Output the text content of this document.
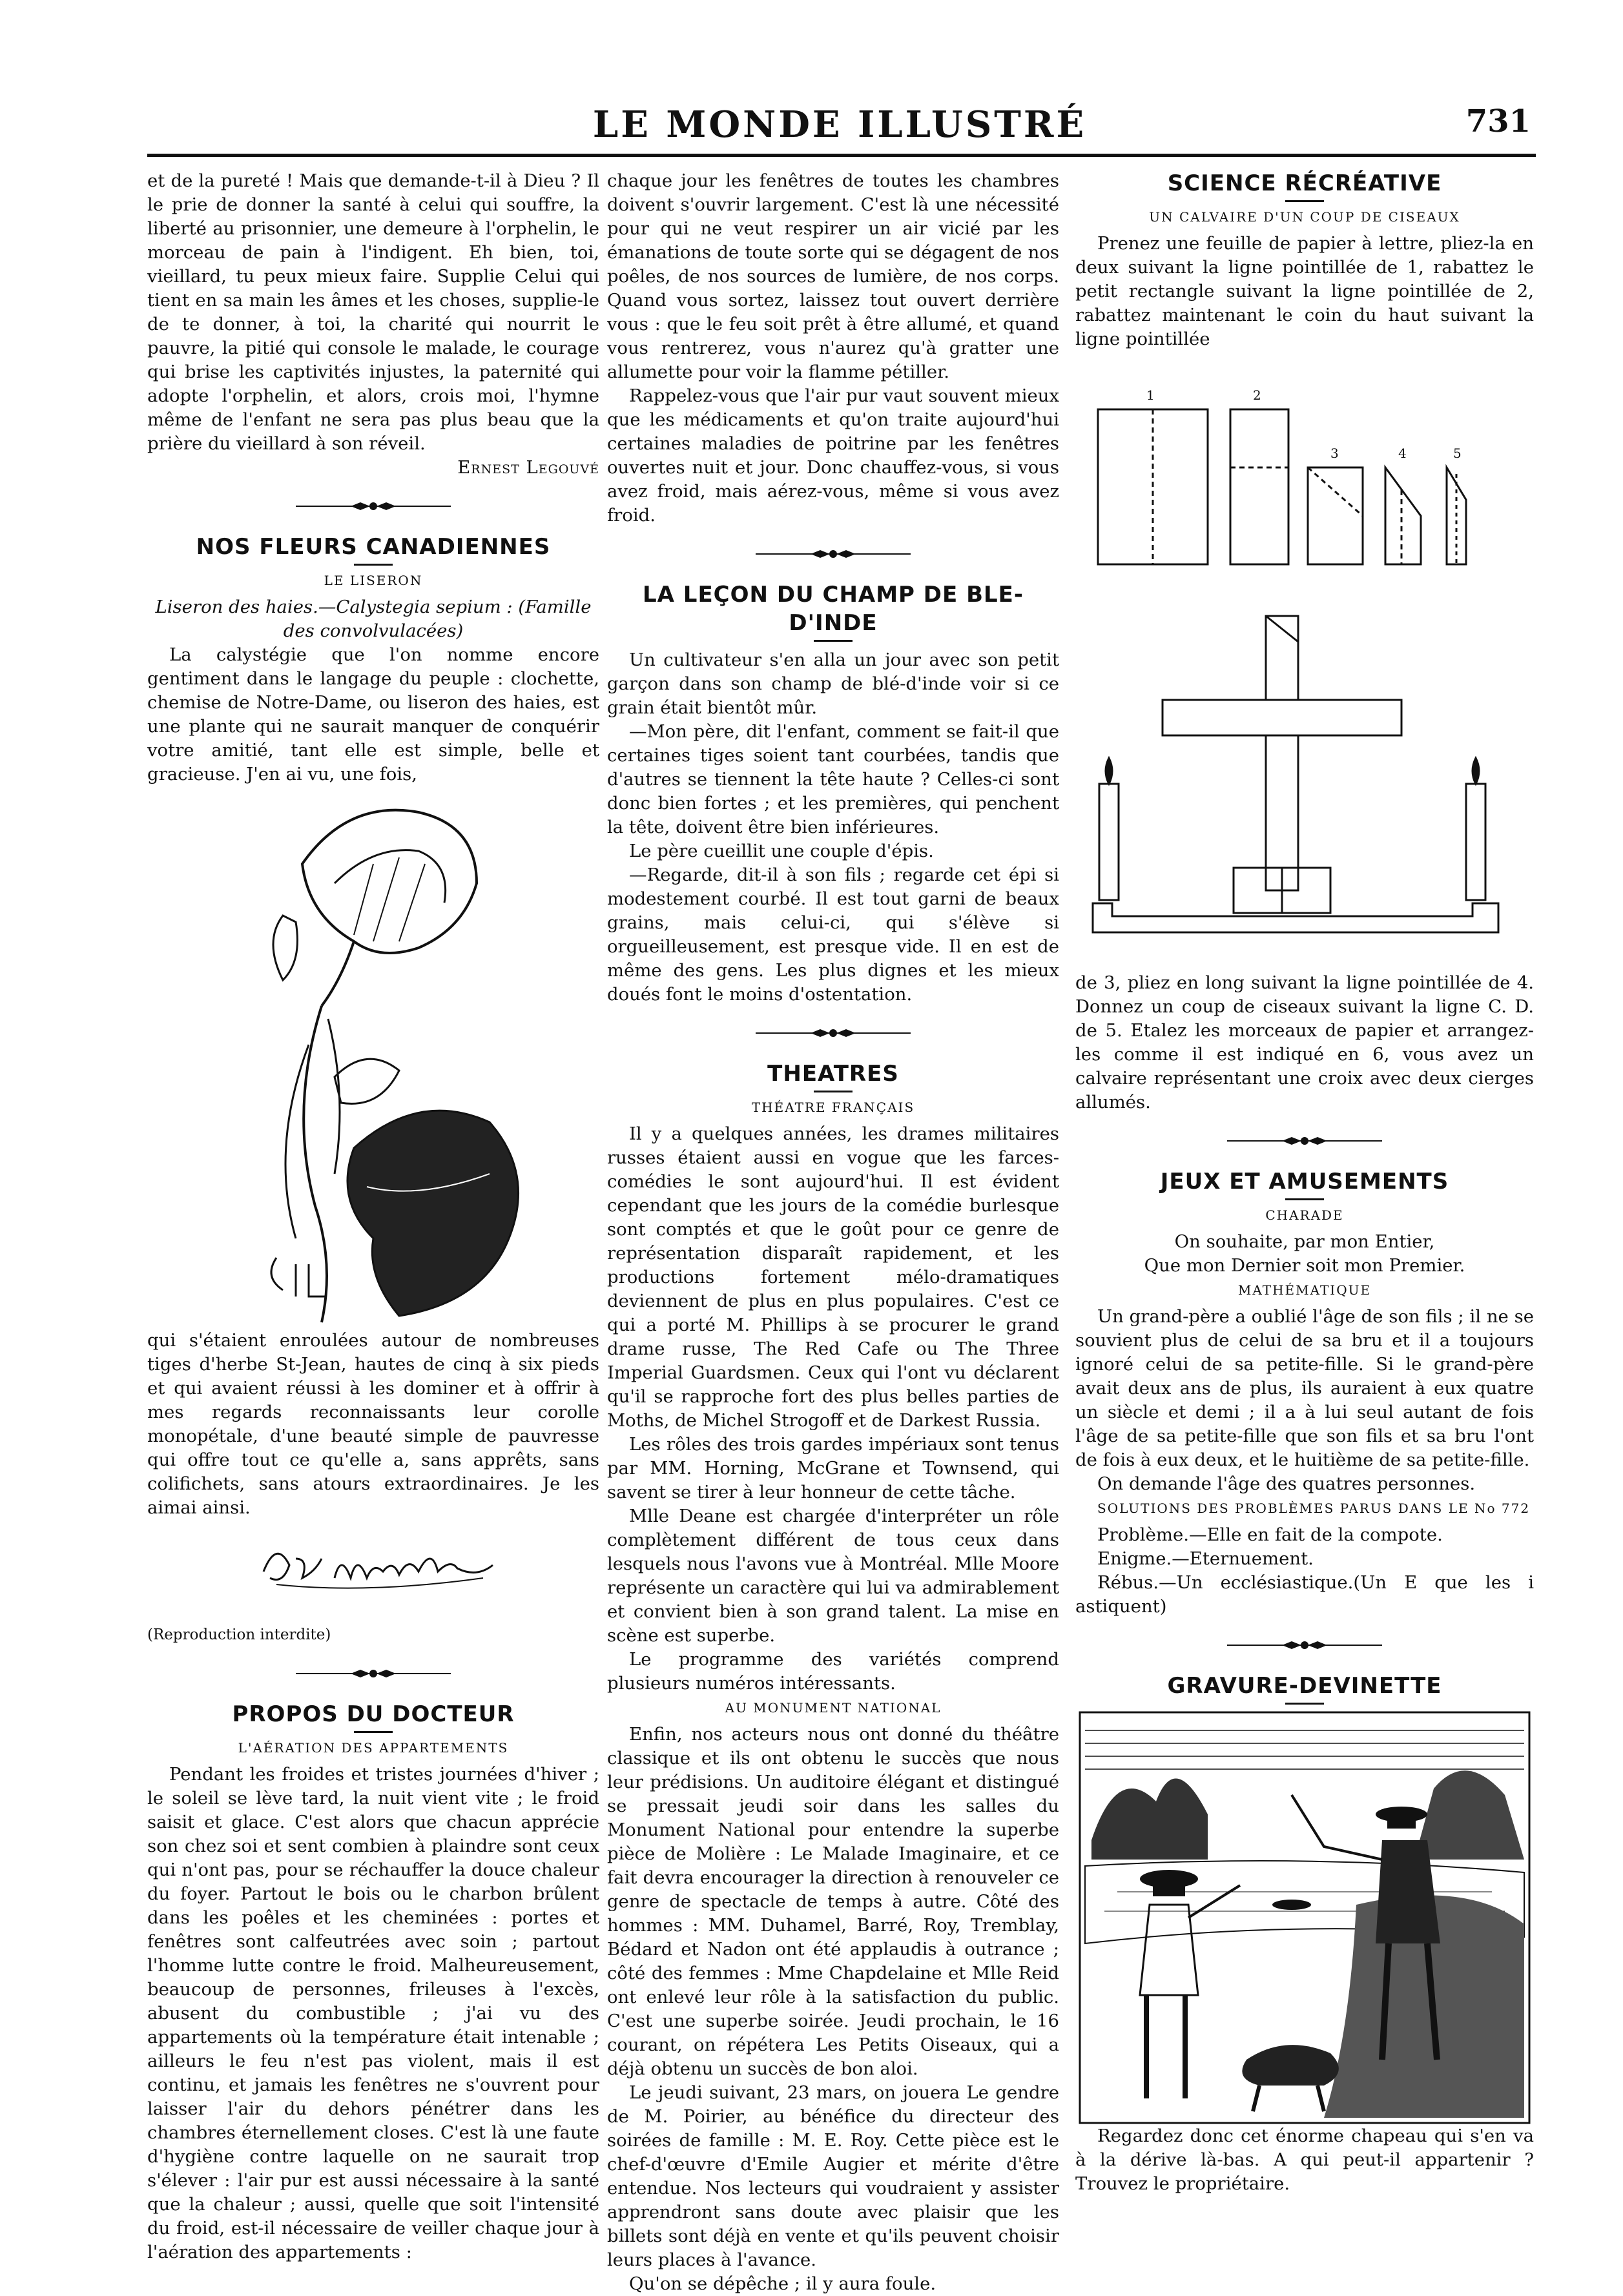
LE MONDE ILLUSTRÉ	731

et de la pureté ! Mais que demande-t-il à Dieu ? Il le prie de donner la santé à celui qui souffre, la liberté au prisonnier, une demeure à l'orphelin, le morceau de pain à l'indigent. Eh bien, toi, vieillard, tu peux mieux faire. Supplie Celui qui tient en sa main les âmes et les choses, supplie-le de te donner, à toi, la charité qui nourrit le pauvre, la pitié qui console le malade, le courage qui brise les captivités injustes, la paternité qui adopte l'orphelin, et alors, crois moi, l'hymne même de l'enfant ne sera pas plus beau que la prière du vieillard à son réveil.

Ernest Legouvé

NOS FLEURS CANADIENNES
LE LISERON

Liseron des haies.—Calystegia sepium : (Famille des convolvulacées)

La calystégie que l'on nomme encore gentiment dans le langage du peuple : clochette, chemise de Notre-Dame, ou liseron des haies, est une plante qui ne saurait manquer de conquérir votre amitié, tant elle est simple, belle et gracieuse. J'en ai vu, une fois,

qui s'étaient enroulées autour de nombreuses tiges d'herbe St-Jean, hautes de cinq à six pieds et qui avaient réussi à les dominer et à offrir à mes regards reconnaissants leur corolle monopétale, d'une beauté simple de pauvresse qui offre tout ce qu'elle a, sans apprêts, sans colifichets, sans atours extraordinaires. Je les aimai ainsi.

(Reproduction interdite)

PROPOS DU DOCTEUR
L'AÉRATION DES APPARTEMENTS

Pendant les froides et tristes journées d'hiver ; le soleil se lève tard, la nuit vient vite ; le froid saisit et glace. C'est alors que chacun apprécie son chez soi et sent combien à plaindre sont ceux qui n'ont pas, pour se réchauffer la douce chaleur du foyer. Partout le bois ou le charbon brûlent dans les poêles et les cheminées : portes et fenêtres sont calfeutrées avec soin ; partout l'homme lutte contre le froid. Malheureusement, beaucoup de personnes, frileuses à l'excès, abusent du combustible ; j'ai vu des appartements où la température était intenable ; ailleurs le feu n'est pas violent, mais il est continu, et jamais les fenêtres ne s'ouvrent pour laisser l'air du dehors pénétrer dans les chambres éternellement closes. C'est là une faute d'hygiène contre laquelle on ne saurait trop s'élever : l'air pur est aussi nécessaire à la santé que la chaleur ; aussi, quelle que soit l'intensité du froid, est-il nécessaire de veiller chaque jour à l'aération des appartements :

chaque jour les fenêtres de toutes les chambres doivent s'ouvrir largement. C'est là une nécessité pour qui ne veut respirer un air vicié par les émanations de toute sorte qui se dégagent de nos poêles, de nos sources de lumière, de nos corps. Quand vous sortez, laissez tout ouvert derrière vous : que le feu soit prêt à être allumé, et quand vous rentrerez, vous n'aurez qu'à gratter une allumette pour voir la flamme pétiller.

Rappelez-vous que l'air pur vaut souvent mieux que les médicaments et qu'on traite aujourd'hui certaines maladies de poitrine par les fenêtres ouvertes nuit et jour. Donc chauffez-vous, si vous avez froid, mais aérez-vous, même si vous avez froid.

LA LEÇON DU CHAMP DE BLE-D'INDE

Un cultivateur s'en alla un jour avec son petit garçon dans son champ de blé-d'inde voir si ce grain était bientôt mûr.

—Mon père, dit l'enfant, comment se fait-il que certaines tiges soient tant courbées, tandis que d'autres se tiennent la tête haute ? Celles-ci sont donc bien fortes ; et les premières, qui penchent la tête, doivent être bien inférieures.

Le père cueillit une couple d'épis.

—Regarde, dit-il à son fils ; regarde cet épi si modestement courbé. Il est tout garni de beaux grains, mais celui-ci, qui s'élève si orgueilleusement, est presque vide. Il en est de même des gens. Les plus dignes et les mieux doués font le moins d'ostentation.

THEATRES
THÉATRE FRANÇAIS

Il y a quelques années, les drames militaires russes étaient aussi en vogue que les farces-comédies le sont aujourd'hui. Il est évident cependant que les jours de la comédie burlesque sont comptés et que le goût pour ce genre de représentation disparaît rapidement, et les productions fortement mélo-dramatiques deviennent de plus en plus populaires. C'est ce qui a porté M. Phillips à se procurer le grand drame russe, The Red Cafe ou The Three Imperial Guardsmen. Ceux qui l'ont vu déclarent qu'il se rapproche fort des plus belles parties de Moths, de Michel Strogoff et de Darkest Russia.

Les rôles des trois gardes impériaux sont tenus par MM. Horning, McGrane et Townsend, qui savent se tirer à leur honneur de cette tâche.

Mlle Deane est chargée d'interpréter un rôle complètement différent de tous ceux dans lesquels nous l'avons vue à Montréal. Mlle Moore représente un caractère qui lui va admirablement et convient bien à son grand talent. La mise en scène est superbe.

Le programme des variétés comprend plusieurs numéros intéressants.

AU MONUMENT NATIONAL

Enfin, nos acteurs nous ont donné du théâtre classique et ils ont obtenu le succès que nous leur prédisions. Un auditoire élégant et distingué se pressait jeudi soir dans les salles du Monument National pour entendre la superbe pièce de Molière : Le Malade Imaginaire, et ce fait devra encourager la direction à renouveler ce genre de spectacle de temps à autre. Côté des hommes : MM. Duhamel, Barré, Roy, Tremblay, Bédard et Nadon ont été applaudis à outrance ; côté des femmes : Mme Chapdelaine et Mlle Reid ont enlevé leur rôle à la satisfaction du public. C'est une superbe soirée. Jeudi prochain, le 16 courant, on répétera Les Petits Oiseaux, qui a déjà obtenu un succès de bon aloi.

Le jeudi suivant, 23 mars, on jouera Le gendre de M. Poirier, au bénéfice du directeur des soirées de famille : M. E. Roy. Cette pièce est le chef-d'œuvre d'Emile Augier et mérite d'être entendue. Nos lecteurs qui voudraient y assister apprendront sans doute avec plaisir que les billets sont déjà en vente et qu'ils peuvent choisir leurs places à l'avance.

Qu'on se dépêche ; il y aura foule.

SCIENCE RÉCRÉATIVE
UN CALVAIRE D'UN COUP DE CISEAUX

Prenez une feuille de papier à lettre, pliez-la en deux suivant la ligne pointillée de 1, rabattez le petit rectangle suivant la ligne pointillée de 2, rabattez maintenant le coin du haut suivant la ligne pointillée

1	2
3	4	5

de 3, pliez en long suivant la ligne pointillée de 4. Donnez un coup de ciseaux suivant la ligne C. D. de 5. Etalez les morceaux de papier et arrangez-les comme il est indiqué en 6, vous avez un calvaire représentant une croix avec deux cierges allumés.

JEUX ET AMUSEMENTS
CHARADE

On souhaite, par mon Entier,

Que mon Dernier soit mon Premier.

MATHÉMATIQUE

Un grand-père a oublié l'âge de son fils ; il ne se souvient plus de celui de sa bru et il a toujours ignoré celui de sa petite-fille. Si le grand-père avait deux ans de plus, ils auraient à eux quatre un siècle et demi ; il a à lui seul autant de fois l'âge de sa petite-fille que son fils et sa bru l'ont de fois à eux deux, et le huitième de sa petite-fille.

On demande l'âge des quatres personnes.

SOLUTIONS DES PROBLÈMES PARUS DANS LE No 772

Problème.—Elle en fait de la compote.

Enigme.—Eternuement.

Rébus.—Un ecclésiastique.(Un E que les i astiquent)

GRAVURE-DEVINETTE

Regardez donc cet énorme chapeau qui s'en va à la dérive là-bas. A qui peut-il appartenir ? Trouvez le propriétaire.
